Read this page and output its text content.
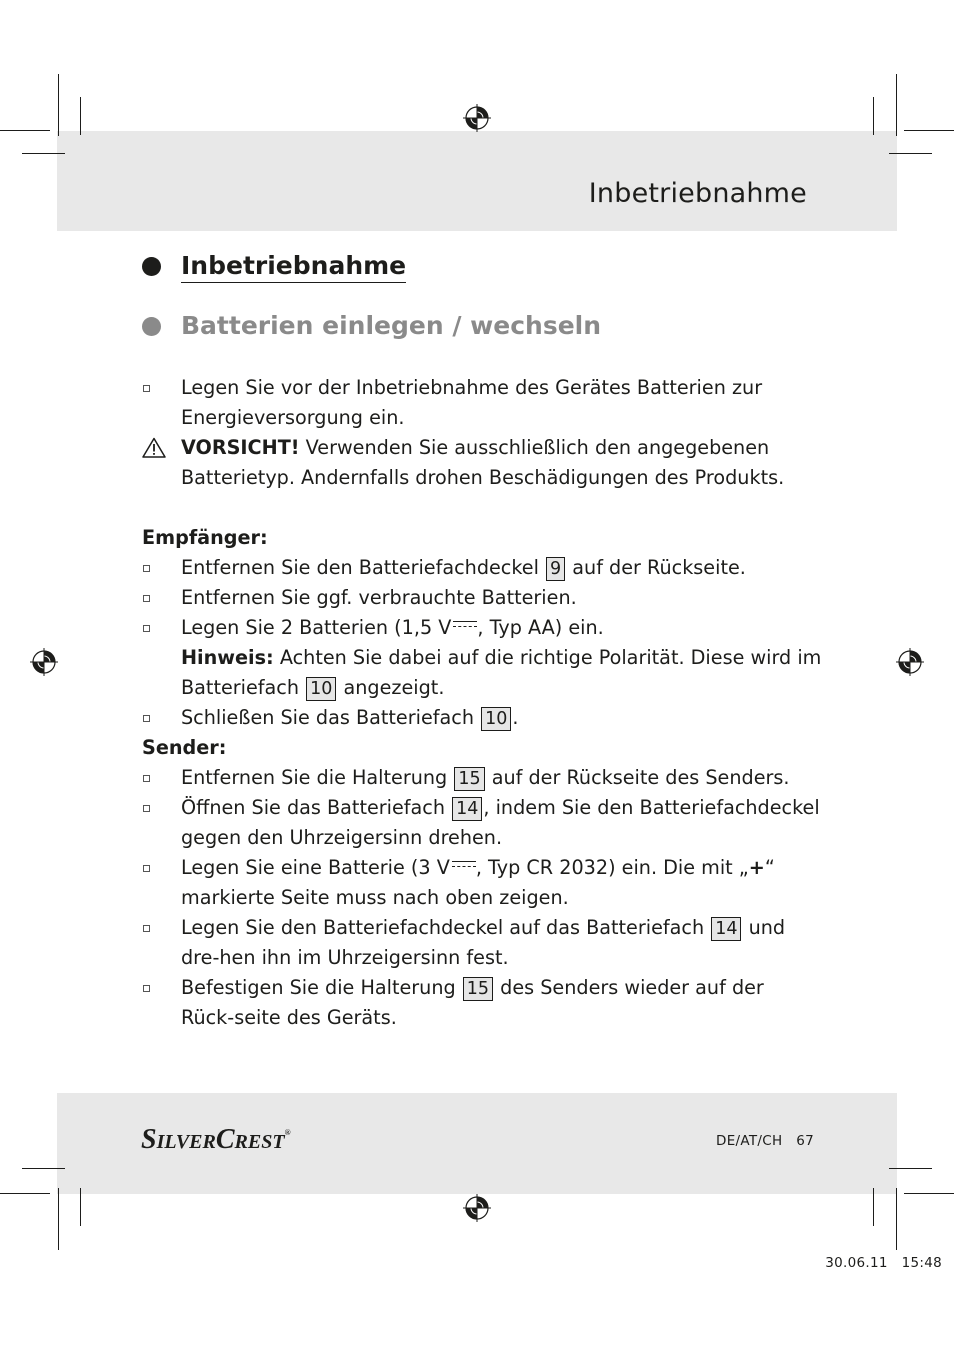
Inbetriebnahme
Inbetriebnahme
Batterien einlegen / wechseln
Legen Sie vor der Inbetriebnahme des Gerätes Batterien zur Energieversorgung ein.
VORSICHT! Verwenden Sie ausschließlich den angegebenen Batterietyp. Andernfalls drohen Beschädigungen des Produkts.
Empfänger:
Entfernen Sie den Batteriefachdeckel 9 auf der Rückseite.
Entfernen Sie ggf. verbrauchte Batterien.
Legen Sie 2 Batterien (1,5 V , Typ AA) ein.
Hinweis: Achten Sie dabei auf die richtige Polarität. Diese wird im Batteriefach 10 angezeigt.
Schließen Sie das Batteriefach 10 .
Sender:
Entfernen Sie die Halterung 15 auf der Rückseite des Senders.
Öffnen Sie das Batteriefach 14 , indem Sie den Batteriefachdeckel gegen den Uhrzeigersinn drehen.
Legen Sie eine Batterie (3 V , Typ CR 2032) ein. Die mit „+“ markierte Seite muss nach oben zeigen.
Legen Sie den Batteriefachdeckel auf das Batteriefach 14 und dre-hen ihn im Uhrzeigersinn fest.
Befestigen Sie die Halterung 15 des Senders wieder auf der Rück-seite des Geräts.
SILVERCREST®
DE/AT/CH 67
30.06.11 15:48
